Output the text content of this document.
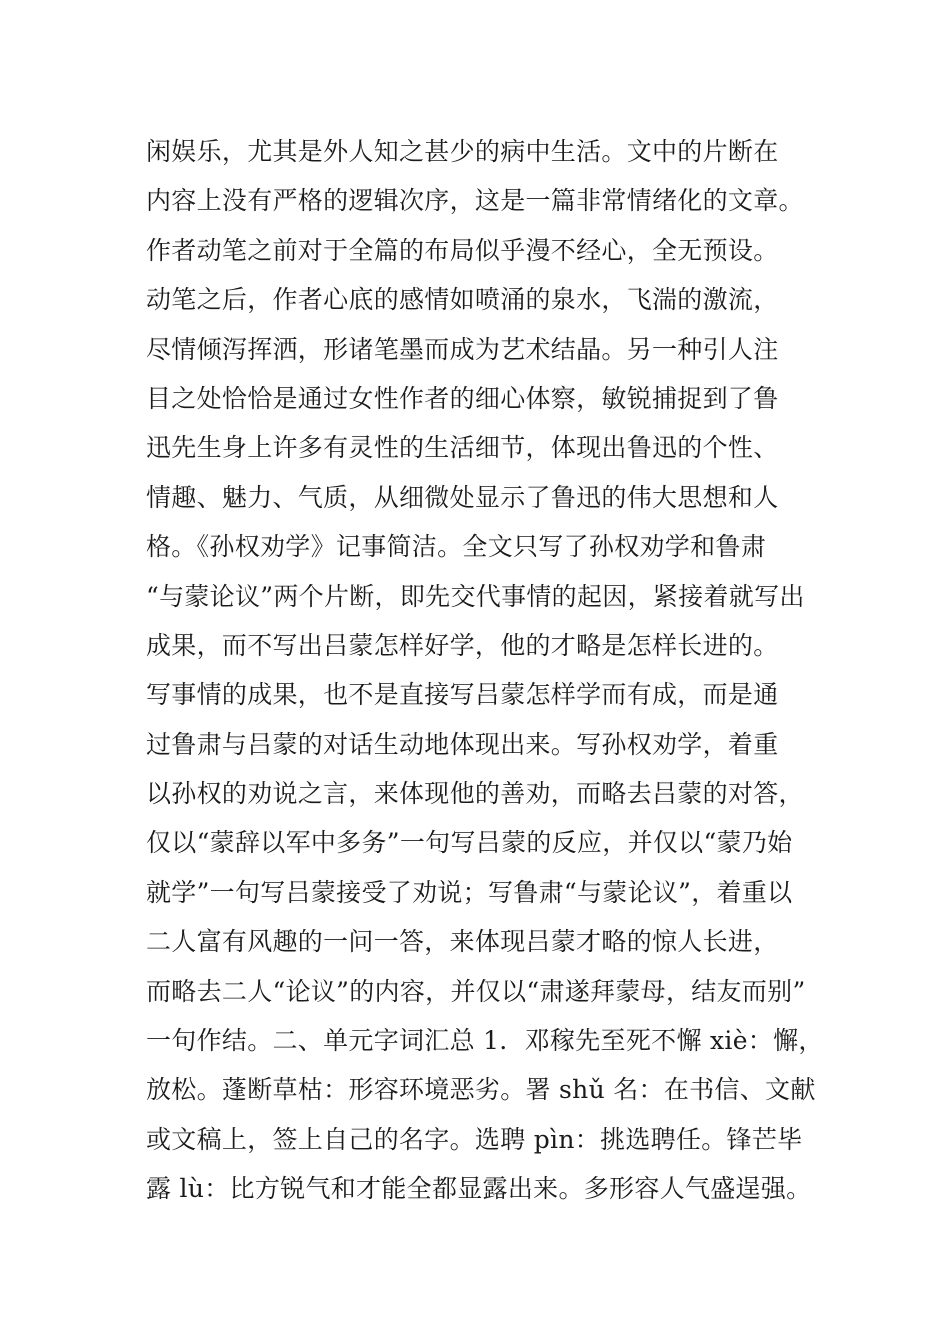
闲娱乐，尤其是外人知之甚少的病中生活。文中的片断在
内容上没有严格的逻辑次序，这是一篇非常情绪化的文章。
作者动笔之前对于全篇的布局似乎漫不经心，全无预设。
动笔之后，作者心底的感情如喷涌的泉水，飞湍的激流，
尽情倾泻挥洒，形诸笔墨而成为艺术结晶。另一种引人注
目之处恰恰是通过女性作者的细心体察，敏锐捕捉到了鲁
迅先生身上许多有灵性的生活细节，体现出鲁迅的个性、
情趣、魅力、气质，从细微处显示了鲁迅的伟大思想和人
格。《孙权劝学》记事简洁。全文只写了孙权劝学和鲁肃
“与蒙论议”两个片断，即先交代事情的起因，紧接着就写出
成果，而不写出吕蒙怎样好学，他的才略是怎样长进的。
写事情的成果，也不是直接写吕蒙怎样学而有成，而是通
过鲁肃与吕蒙的对话生动地体现出来。写孙权劝学，着重
以孙权的劝说之言，来体现他的善劝，而略去吕蒙的对答，
仅以“蒙辞以军中多务”一句写吕蒙的反应，并仅以“蒙乃始
就学”一句写吕蒙接受了劝说；写鲁肃“与蒙论议”，着重以
二人富有风趣的一问一答，来体现吕蒙才略的惊人长进，
而略去二人“论议”的内容，并仅以“肃遂拜蒙母，结友而别”
一句作结。二、单元字词汇总 1．邓稼先至死不懈 xiè：懈，
放松。蓬断草枯：形容环境恶劣。署 shǔ 名：在书信、文献
或文稿上，签上自己的名字。选聘 pìn：挑选聘任。锋芒毕
露 lù：比方锐气和才能全都显露出来。多形容人气盛逞强。
